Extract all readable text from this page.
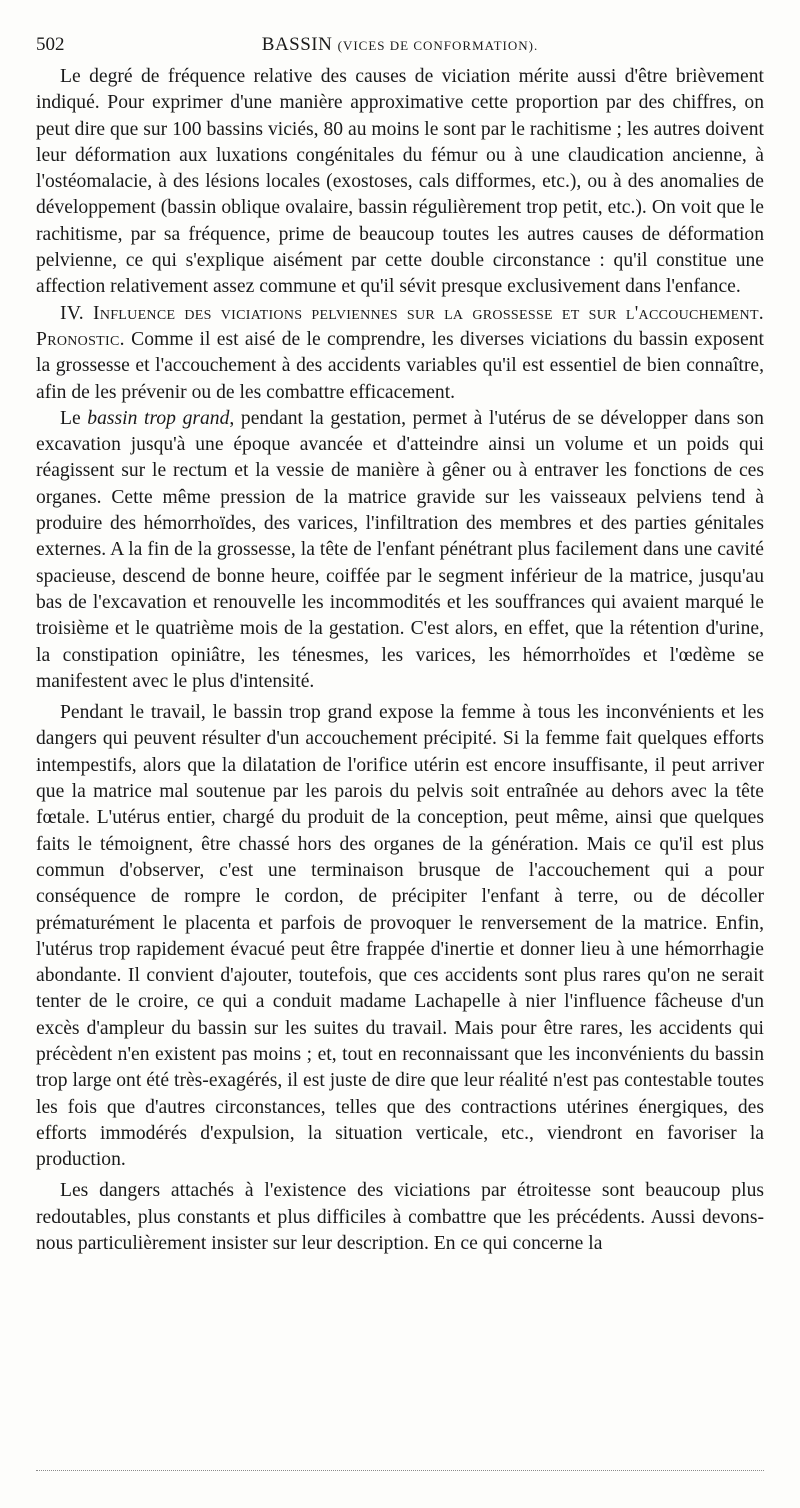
502	BASSIN (VICES DE CONFORMATION).

Le degré de fréquence relative des causes de viciation mérite aussi d'être brièvement indiqué. Pour exprimer d'une manière approximative cette proportion par des chiffres, on peut dire que sur 100 bassins viciés, 80 au moins le sont par le rachitisme ; les autres doivent leur déformation aux luxations congénitales du fémur ou à une claudication ancienne, à l'ostéomalacie, à des lésions locales (exostoses, cals difformes, etc.), ou à des anomalies de développement (bassin oblique ovalaire, bassin régulièrement trop petit, etc.). On voit que le rachitisme, par sa fréquence, prime de beaucoup toutes les autres causes de déformation pelvienne, ce qui s'explique aisément par cette double circonstance : qu'il constitue une affection relativement assez commune et qu'il sévit presque exclusivement dans l'enfance.

IV. Influence des viciations pelviennes sur la grossesse et sur l'accouchement. Pronostic. Comme il est aisé de le comprendre, les diverses viciations du bassin exposent la grossesse et l'accouchement à des accidents variables qu'il est essentiel de bien connaître, afin de les prévenir ou de les combattre efficacement.

Le bassin trop grand, pendant la gestation, permet à l'utérus de se développer dans son excavation jusqu'à une époque avancée et d'atteindre ainsi un volume et un poids qui réagissent sur le rectum et la vessie de manière à gêner ou à entraver les fonctions de ces organes. Cette même pression de la matrice gravide sur les vaisseaux pelviens tend à produire des hémorrhoïdes, des varices, l'infiltration des membres et des parties génitales externes. A la fin de la grossesse, la tête de l'enfant pénétrant plus facilement dans une cavité spacieuse, descend de bonne heure, coiffée par le segment inférieur de la matrice, jusqu'au bas de l'excavation et renouvelle les incommodités et les souffrances qui avaient marqué le troisième et le quatrième mois de la gestation. C'est alors, en effet, que la rétention d'urine, la constipation opiniâtre, les ténesmes, les varices, les hémorrhoïdes et l'œdème se manifestent avec le plus d'intensité.

Pendant le travail, le bassin trop grand expose la femme à tous les inconvénients et les dangers qui peuvent résulter d'un accouchement précipité. Si la femme fait quelques efforts intempestifs, alors que la dilatation de l'orifice utérin est encore insuffisante, il peut arriver que la matrice mal soutenue par les parois du pelvis soit entraînée au dehors avec la tête fœtale. L'utérus entier, chargé du produit de la conception, peut même, ainsi que quelques faits le témoignent, être chassé hors des organes de la génération. Mais ce qu'il est plus commun d'observer, c'est une terminaison brusque de l'accouchement qui a pour conséquence de rompre le cordon, de précipiter l'enfant à terre, ou de décoller prématurément le placenta et parfois de provoquer le renversement de la matrice. Enfin, l'utérus trop rapidement évacué peut être frappée d'inertie et donner lieu à une hémorrhagie abondante. Il convient d'ajouter, toutefois, que ces accidents sont plus rares qu'on ne serait tenter de le croire, ce qui a conduit madame Lachapelle à nier l'influence fâcheuse d'un excès d'ampleur du bassin sur les suites du travail. Mais pour être rares, les accidents qui précèdent n'en existent pas moins ; et, tout en reconnaissant que les inconvénients du bassin trop large ont été très-exagérés, il est juste de dire que leur réalité n'est pas contestable toutes les fois que d'autres circonstances, telles que des contractions utérines énergiques, des efforts immodérés d'expulsion, la situation verticale, etc., viendront en favoriser la production.

Les dangers attachés à l'existence des viciations par étroitesse sont beaucoup plus redoutables, plus constants et plus difficiles à combattre que les précédents. Aussi devons-nous particulièrement insister sur leur description. En ce qui concerne la
